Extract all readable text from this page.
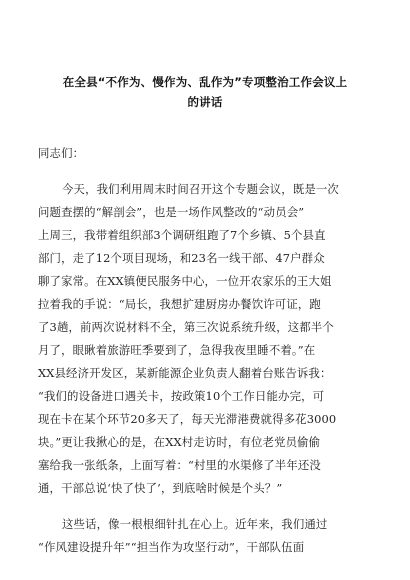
在全县“不作为、慢作为、乱作为”专项整治工作会议上
的讲话
同志们：
今天，我们利用周末时间召开这个专题会议，既是一次
问题查摆的“解剖会”，也是一场作风整改的“动员会”
上周三，我带着组织部3个调研组跑了7个乡镇、5个县直
部门，走了12个项目现场，和23名一线干部、47户群众
聊了家常。在XX镇便民服务中心，一位开农家乐的王大姐
拉着我的手说：“局长，我想扩建厨房办餐饮许可证，跑
了3趟，前两次说材料不全，第三次说系统升级，这都半个
月了，眼瞅着旅游旺季要到了，急得我夜里睡不着。”在
XX县经济开发区，某新能源企业负责人翻着台账告诉我：
“我们的设备进口遇关卡，按政策10个工作日能办完，可
现在卡在某个环节20多天了，每天光滞港费就得多花3000
块。”更让我揪心的是，在XX村走访时，有位老党员偷偷
塞给我一张纸条，上面写着：“村里的水渠修了半年还没
通，干部总说‘快了快了’，到底啥时候是个头？”
这些话，像一根根细针扎在心上。近年来，我们通过
“作风建设提升年”“担当作为攻坚行动”，干部队伍面
